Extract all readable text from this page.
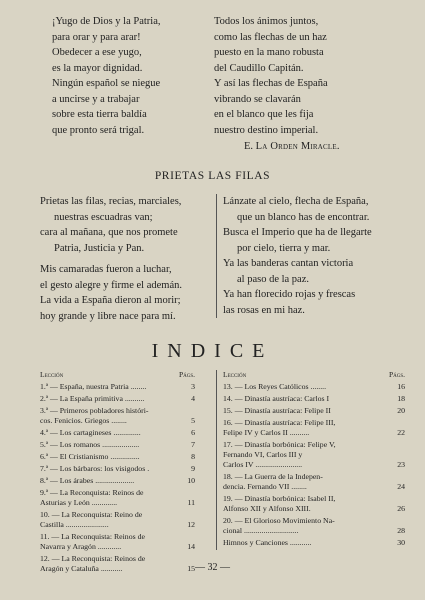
¡Yugo de Dios y la Patria,
para orar y para arar!
Obedecer a ese yugo,
es la mayor dignidad.
Ningún español se niegue
a uncirse y a trabajar
sobre esta tierra baldía
que pronto será trigal.
Todos los ánimos juntos,
como las flechas de un haz
puesto en la mano robusta
del Caudillo Capitán.
Y así las flechas de España
vibrando se clavarán
en el blanco que les fija
nuestro destino imperial.
E. La Orden Miracle.
PRIETAS LAS FILAS
Prietas las filas, recias, marciales,
nuestras escuadras van;
cara al mañana, que nos promete
Patria, Justicia y Pan.
Mis camaradas fueron a luchar,
el gesto alegre y firme el ademán.
La vida a España dieron al morir;
hoy grande y libre nace para mí.
Lánzate al cielo, flecha de España,
que un blanco has de encontrar.
Busca el Imperio que ha de llegarte
por cielo, tierra y mar.
Ya las banderas cantan victoria
al paso de la paz.
Ya han florecido rojas y frescas
las rosas en mi haz.
INDICE
Lección	Págs.
1.ª — España, nuestra Patria ........	3
2.ª — La España primitiva ..........	4
3.ª — Primeros pobladores históri-
cos. Fenicios. Griegos ........	5
4.ª — Los cartagineses ..............	6
5.ª — Los romanos ...................	7
6.ª — El Cristianismo ...............	8
7.ª — Los bárbaros: los visigodos .	9
8.ª — Los árabes ....................	10
9.ª — La Reconquista: Reinos de
Asturias y León .............	11
10. — La Reconquista: Reino de
Castilla ......................	12
11. — La Reconquista: Reinos de
Navarra y Aragón ............	14
12. — La Reconquista: Reinos de
Aragón y Cataluña ...........	15
Lección	Págs.
13. — Los Reyes Católicos ........	16
14. — Dinastía austríaca: Carlos I	18
15. — Dinastía austríaca: Felipe II	20
16. — Dinastía austríaca: Felipe III,
Felipe IV y Carlos II ..........	22
17. — Dinastía borbónica: Felipe V,
Fernando VI, Carlos III y
Carlos IV ........................	23
18. — La Guerra de la Indepen-
dencia. Fernando VII ........	24
19. — Dinastía borbónica: Isabel II,
Alfonso XII y Alfonso XIII.	26
20. — El Glorioso Movimiento Na-
cional ............................	28
Himnos y Canciones ...........	30
— 32 —
